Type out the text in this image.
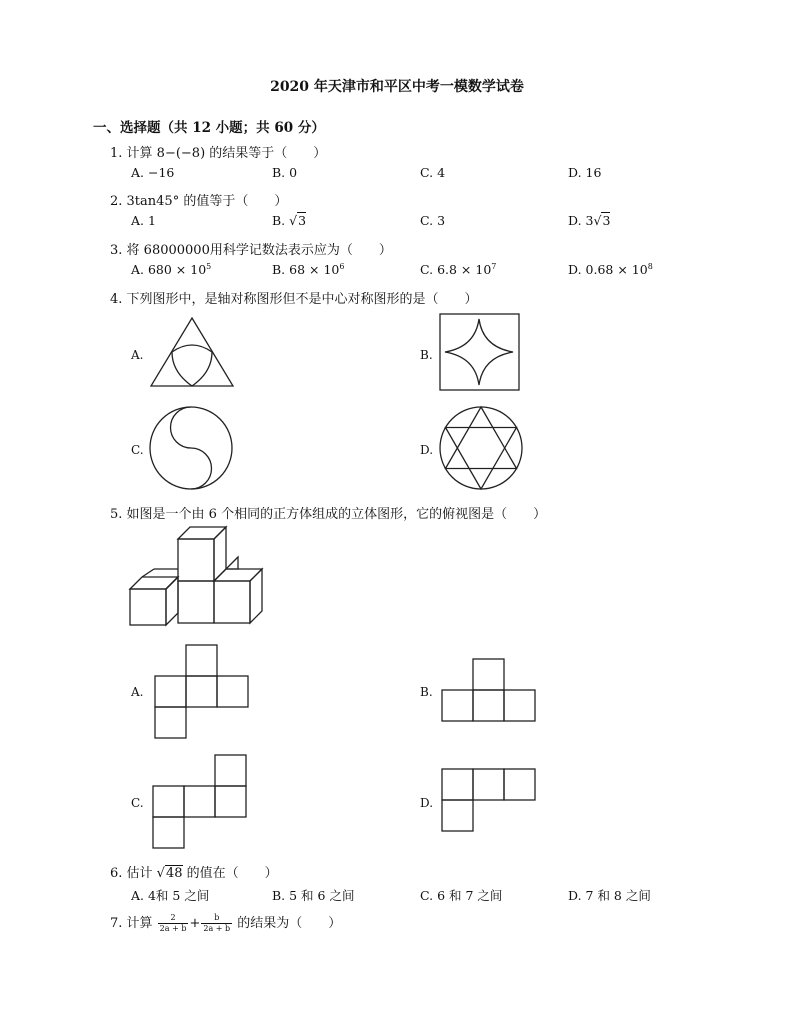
2020 年天津市和平区中考一模数学试卷
一、选择题（共 12 小题；共 60 分）
1. 计算 8−(−8) 的结果等于（　　）
A. −16	B. 0	C. 4	D. 16
2. 3tan45° 的值等于（　　）
A. 1	B. √3	C. 3	D. 3√3
3. 将 68000000用科学记数法表示应为（　　）
A. $680 \times 10^5$	B. $68 \times 10^6$	C. $6.8 \times 10^7$	D. $0.68 \times 10^8$
4. 下列图形中，是轴对称图形但不是中心对称图形的是（　　）
A.	B.
C.	D.
5. 如图是一个由 6 个相同的正方体组成的立体图形，它的俯视图是（　　）
A.	B.
C.	D.
6. 估计 √48 的值在（　　）
A. 4和 5 之间	B. 5 和 6 之间	C. 6 和 7 之间	D. 7 和 8 之间
7. 计算 $\frac{2}{2a + b} + \frac{b}{2a + b}$ 的结果为（　　）
